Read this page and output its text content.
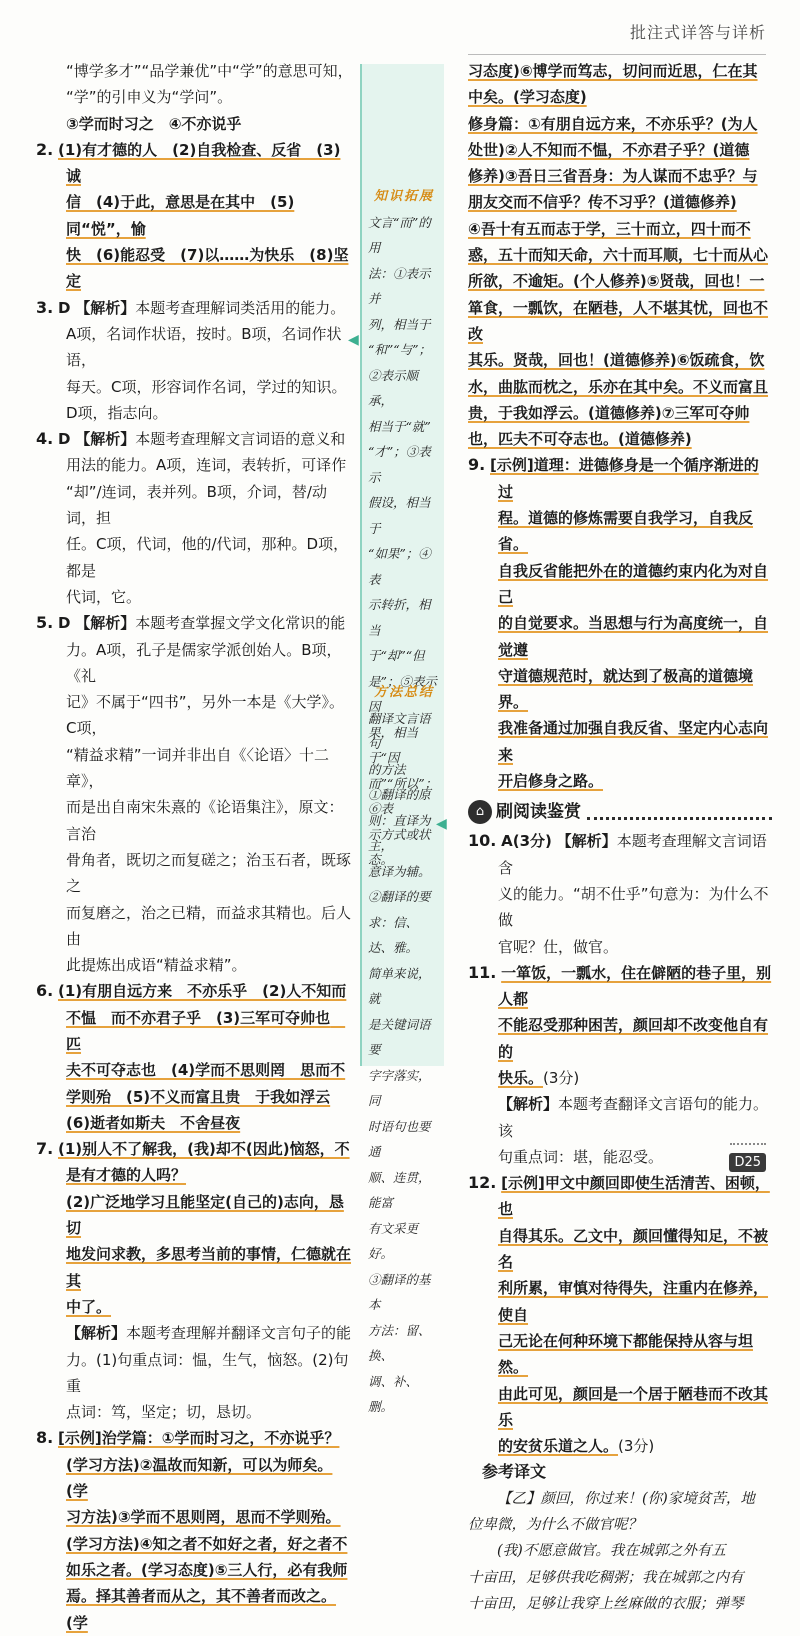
批注式详答与详析

“博学多才”“品学兼优”中“学”的意思可知，

“学”的引申义为“学问”。

③学而时习之　④不亦说乎

2. (1)有才德的人　(2)自我检查、反省　(3)诚

信　(4)于此，意思是在其中　(5)同“悦”，愉

快　(6)能忍受　(7)以……为快乐　(8)坚定

3. D 【解析】本题考查理解词类活用的能力。

A项，名词作状语，按时。B项，名词作状语，

每天。C项，形容词作名词，学过的知识。

D项，指志向。

4. D 【解析】本题考查理解文言词语的意义和

用法的能力。A项，连词，表转折，可译作

“却”/连词，表并列。B项，介词，替/动词，担

任。C项，代词，他的/代词，那种。D项，都是

代词，它。

5. D 【解析】本题考查掌握文学文化常识的能

力。A项，孔子是儒家学派创始人。B项，《礼

记》不属于“四书”，另外一本是《大学》。C项，

“精益求精”一词并非出自《〈论语〉十二章》，

而是出自南宋朱熹的《论语集注》，原文：言治

骨角者，既切之而复磋之；治玉石者，既琢之

而复磨之，治之已精，而益求其精也。后人由

此提炼出成语“精益求精”。

6. (1)有朋自远方来　不亦乐乎　(2)人不知而

不愠　而不亦君子乎　(3)三军可夺帅也　匹

夫不可夺志也　(4)学而不思则罔　思而不

学则殆　(5)不义而富且贵　于我如浮云

(6)逝者如斯夫　不舍昼夜

7. (1)别人不了解我，(我)却不(因此)恼怒，不

是有才德的人吗？

(2)广泛地学习且能坚定(自己的)志向，恳切

地发问求教，多思考当前的事情，仁德就在其

中了。

【解析】本题考查理解并翻译文言句子的能

力。(1)句重点词：愠，生气，恼怒。(2)句重

点词：笃，坚定；切，恳切。

8. [示例]治学篇：①学而时习之，不亦说乎？

(学习方法)②温故而知新，可以为师矣。(学

习方法)③学而不思则罔，思而不学则殆。

(学习方法)④知之者不如好之者，好之者不

如乐之者。(学习态度)⑤三人行，必有我师

焉。择其善者而从之，其不善者而改之。(学

知识拓展
文言“而”的用
法：①表示并
列，相当于
“和”“与”；
②表示顺承，
相当于“就”
“才”；③表示
假设，相当于
“如果”；④表
示转折，相当
于“却”“但
是”；⑤表示因
果，相当于“因
而”“所以”；⑥表
示方式或状态。
◀
方法总结
翻译文言语句
的方法
①翻译的原
则：直译为主，
意译为辅。
②翻译的要
求：信、达、雅。
简单来说，就
是关键词语要
字字落实，同
时语句也要通
顺、连贯，能富
有文采更好。
③翻译的基本
方法：留、换、
调、补、删。
◀

习态度)⑥博学而笃志，切问而近思，仁在其

中矣。(学习态度)

修身篇：①有朋自远方来，不亦乐乎？(为人

处世)②人不知而不愠，不亦君子乎？(道德

修养)③吾日三省吾身：为人谋而不忠乎？与

朋友交而不信乎？传不习乎？(道德修养)

④吾十有五而志于学，三十而立，四十而不

惑，五十而知天命，六十而耳顺，七十而从心

所欲，不逾矩。(个人修养)⑤贤哉，回也！一

箪食，一瓢饮，在陋巷，人不堪其忧，回也不改

其乐。贤哉，回也！(道德修养)⑥饭疏食，饮

水，曲肱而枕之，乐亦在其中矣。不义而富且

贵，于我如浮云。(道德修养)⑦三军可夺帅

也，匹夫不可夺志也。(道德修养)

9. [示例]道理：进德修身是一个循序渐进的过

程。道德的修炼需要自我学习，自我反省。

自我反省能把外在的道德约束内化为对自己

的自觉要求。当思想与行为高度统一，自觉遵

守道德规范时，就达到了极高的道德境界。

我准备通过加强自我反省、坚定内心志向来

开启修身之路。

⌂ 刷阅读鉴赏

10. A(3分) 【解析】本题考查理解文言词语含

义的能力。“胡不仕乎”句意为：为什么不做

官呢？仕，做官。

11. 一箪饭，一瓢水，住在僻陋的巷子里，别人都

不能忍受那种困苦，颜回却不改变他自有的

快乐。(3分)

【解析】本题考查翻译文言语句的能力。该

句重点词：堪，能忍受。

12. [示例]甲文中颜回即使生活清苦、困顿，也

自得其乐。乙文中，颜回懂得知足，不被名

利所累，审慎对待得失，注重内在修养，使自

己无论在何种环境下都能保持从容与坦然。

由此可见，颜回是一个居于陋巷而不改其乐

的安贫乐道之人。(3分)

参考译文

【乙】颜回，你过来！(你)家境贫苦，地

位卑微，为什么不做官呢？

(我)不愿意做官。我在城郭之外有五

十亩田，足够供我吃稠粥；我在城郭之内有

十亩田，足够让我穿上丝麻做的衣服；弹琴

D25
